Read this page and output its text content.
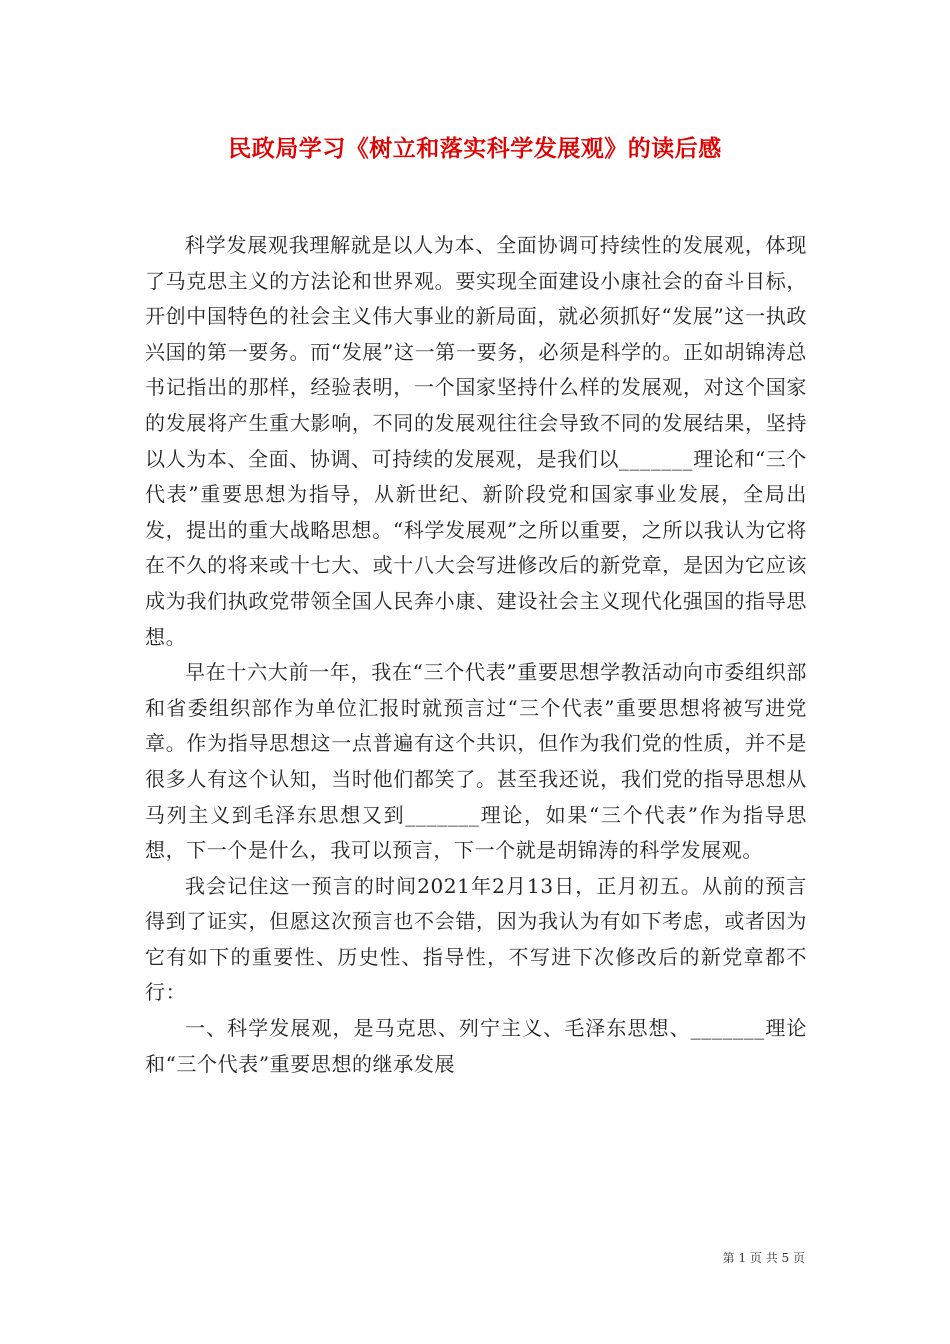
民政局学习《树立和落实科学发展观》的读后感

科学发展观我理解就是以人为本、全面协调可持续性的发展观，体现了马克思主义的方法论和世界观。要实现全面建设小康社会的奋斗目标，开创中国特色的社会主义伟大事业的新局面，就必须抓好“发展”这一执政兴国的第一要务。而“发展”这一第一要务，必须是科学的。正如胡锦涛总书记指出的那样，经验表明，一个国家坚持什么样的发展观，对这个国家的发展将产生重大影响，不同的发展观往往会导致不同的发展结果，坚持以人为本、全面、协调、可持续的发展观，是我们以_______理论和“三个代表”重要思想为指导，从新世纪、新阶段党和国家事业发展，全局出发，提出的重大战略思想。“科学发展观”之所以重要，之所以我认为它将在不久的将来或十七大、或十八大会写进修改后的新党章，是因为它应该成为我们执政党带领全国人民奔小康、建设社会主义现代化强国的指导思想。

早在十六大前一年，我在“三个代表”重要思想学教活动向市委组织部和省委组织部作为单位汇报时就预言过“三个代表”重要思想将被写进党章。作为指导思想这一点普遍有这个共识，但作为我们党的性质，并不是很多人有这个认知，当时他们都笑了。甚至我还说，我们党的指导思想从马列主义到毛泽东思想又到_______理论，如果“三个代表”作为指导思想，下一个是什么，我可以预言，下一个就是胡锦涛的科学发展观。

我会记住这一预言的时间2021年2月13日，正月初五。从前的预言得到了证实，但愿这次预言也不会错，因为我认为有如下考虑，或者因为它有如下的重要性、历史性、指导性，不写进下次修改后的新党章都不行：

一、科学发展观，是马克思、列宁主义、毛泽东思想、_______理论和“三个代表”重要思想的继承发展

第 1 页 共 5 页
